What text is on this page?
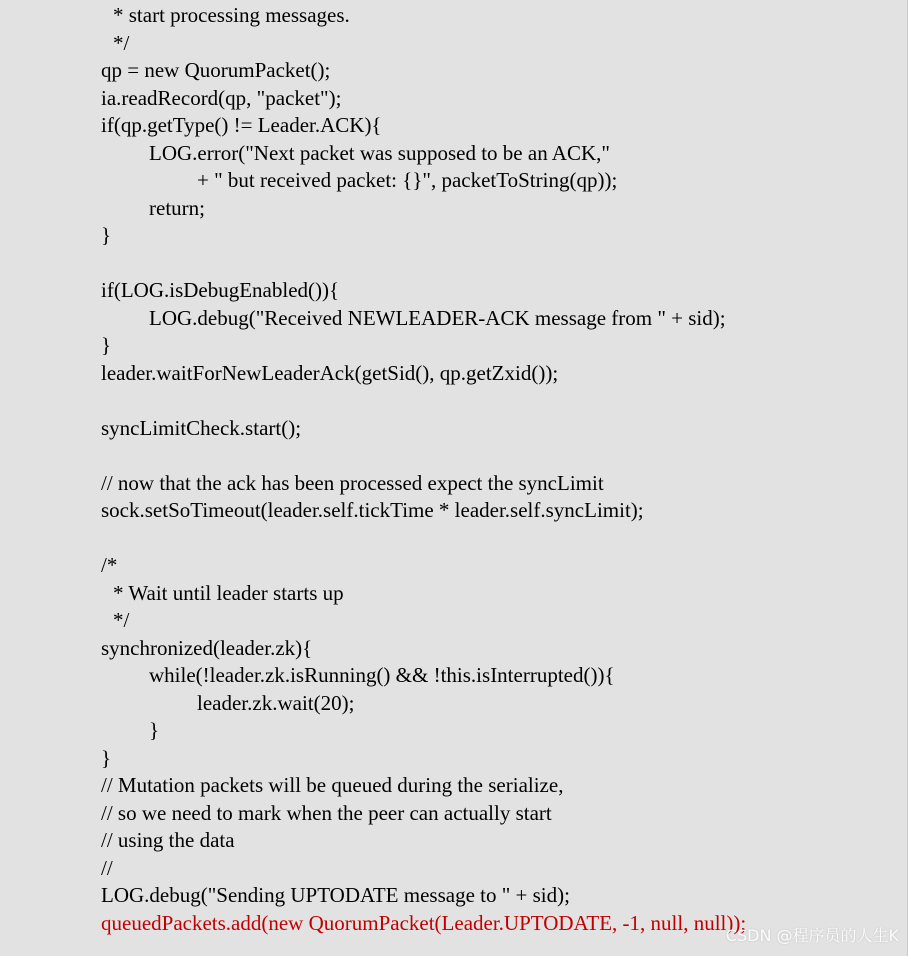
* start processing messages.
*/
qp = new QuorumPacket();
ia.readRecord(qp, "packet");
if(qp.getType() != Leader.ACK){
LOG.error("Next packet was supposed to be an ACK,"
+ " but received packet: {}", packetToString(qp));
return;
}
if(LOG.isDebugEnabled()){
LOG.debug("Received NEWLEADER-ACK message from " + sid);
}
leader.waitForNewLeaderAck(getSid(), qp.getZxid());
syncLimitCheck.start();
// now that the ack has been processed expect the syncLimit
sock.setSoTimeout(leader.self.tickTime * leader.self.syncLimit);
/*
* Wait until leader starts up
*/
synchronized(leader.zk){
while(!leader.zk.isRunning() && !this.isInterrupted()){
leader.zk.wait(20);
}
}
// Mutation packets will be queued during the serialize,
// so we need to mark when the peer can actually start
// using the data
//
LOG.debug("Sending UPTODATE message to " + sid);
queuedPackets.add(new QuorumPacket(Leader.UPTODATE, -1, null, null));
CSDN @程序员的人生K
